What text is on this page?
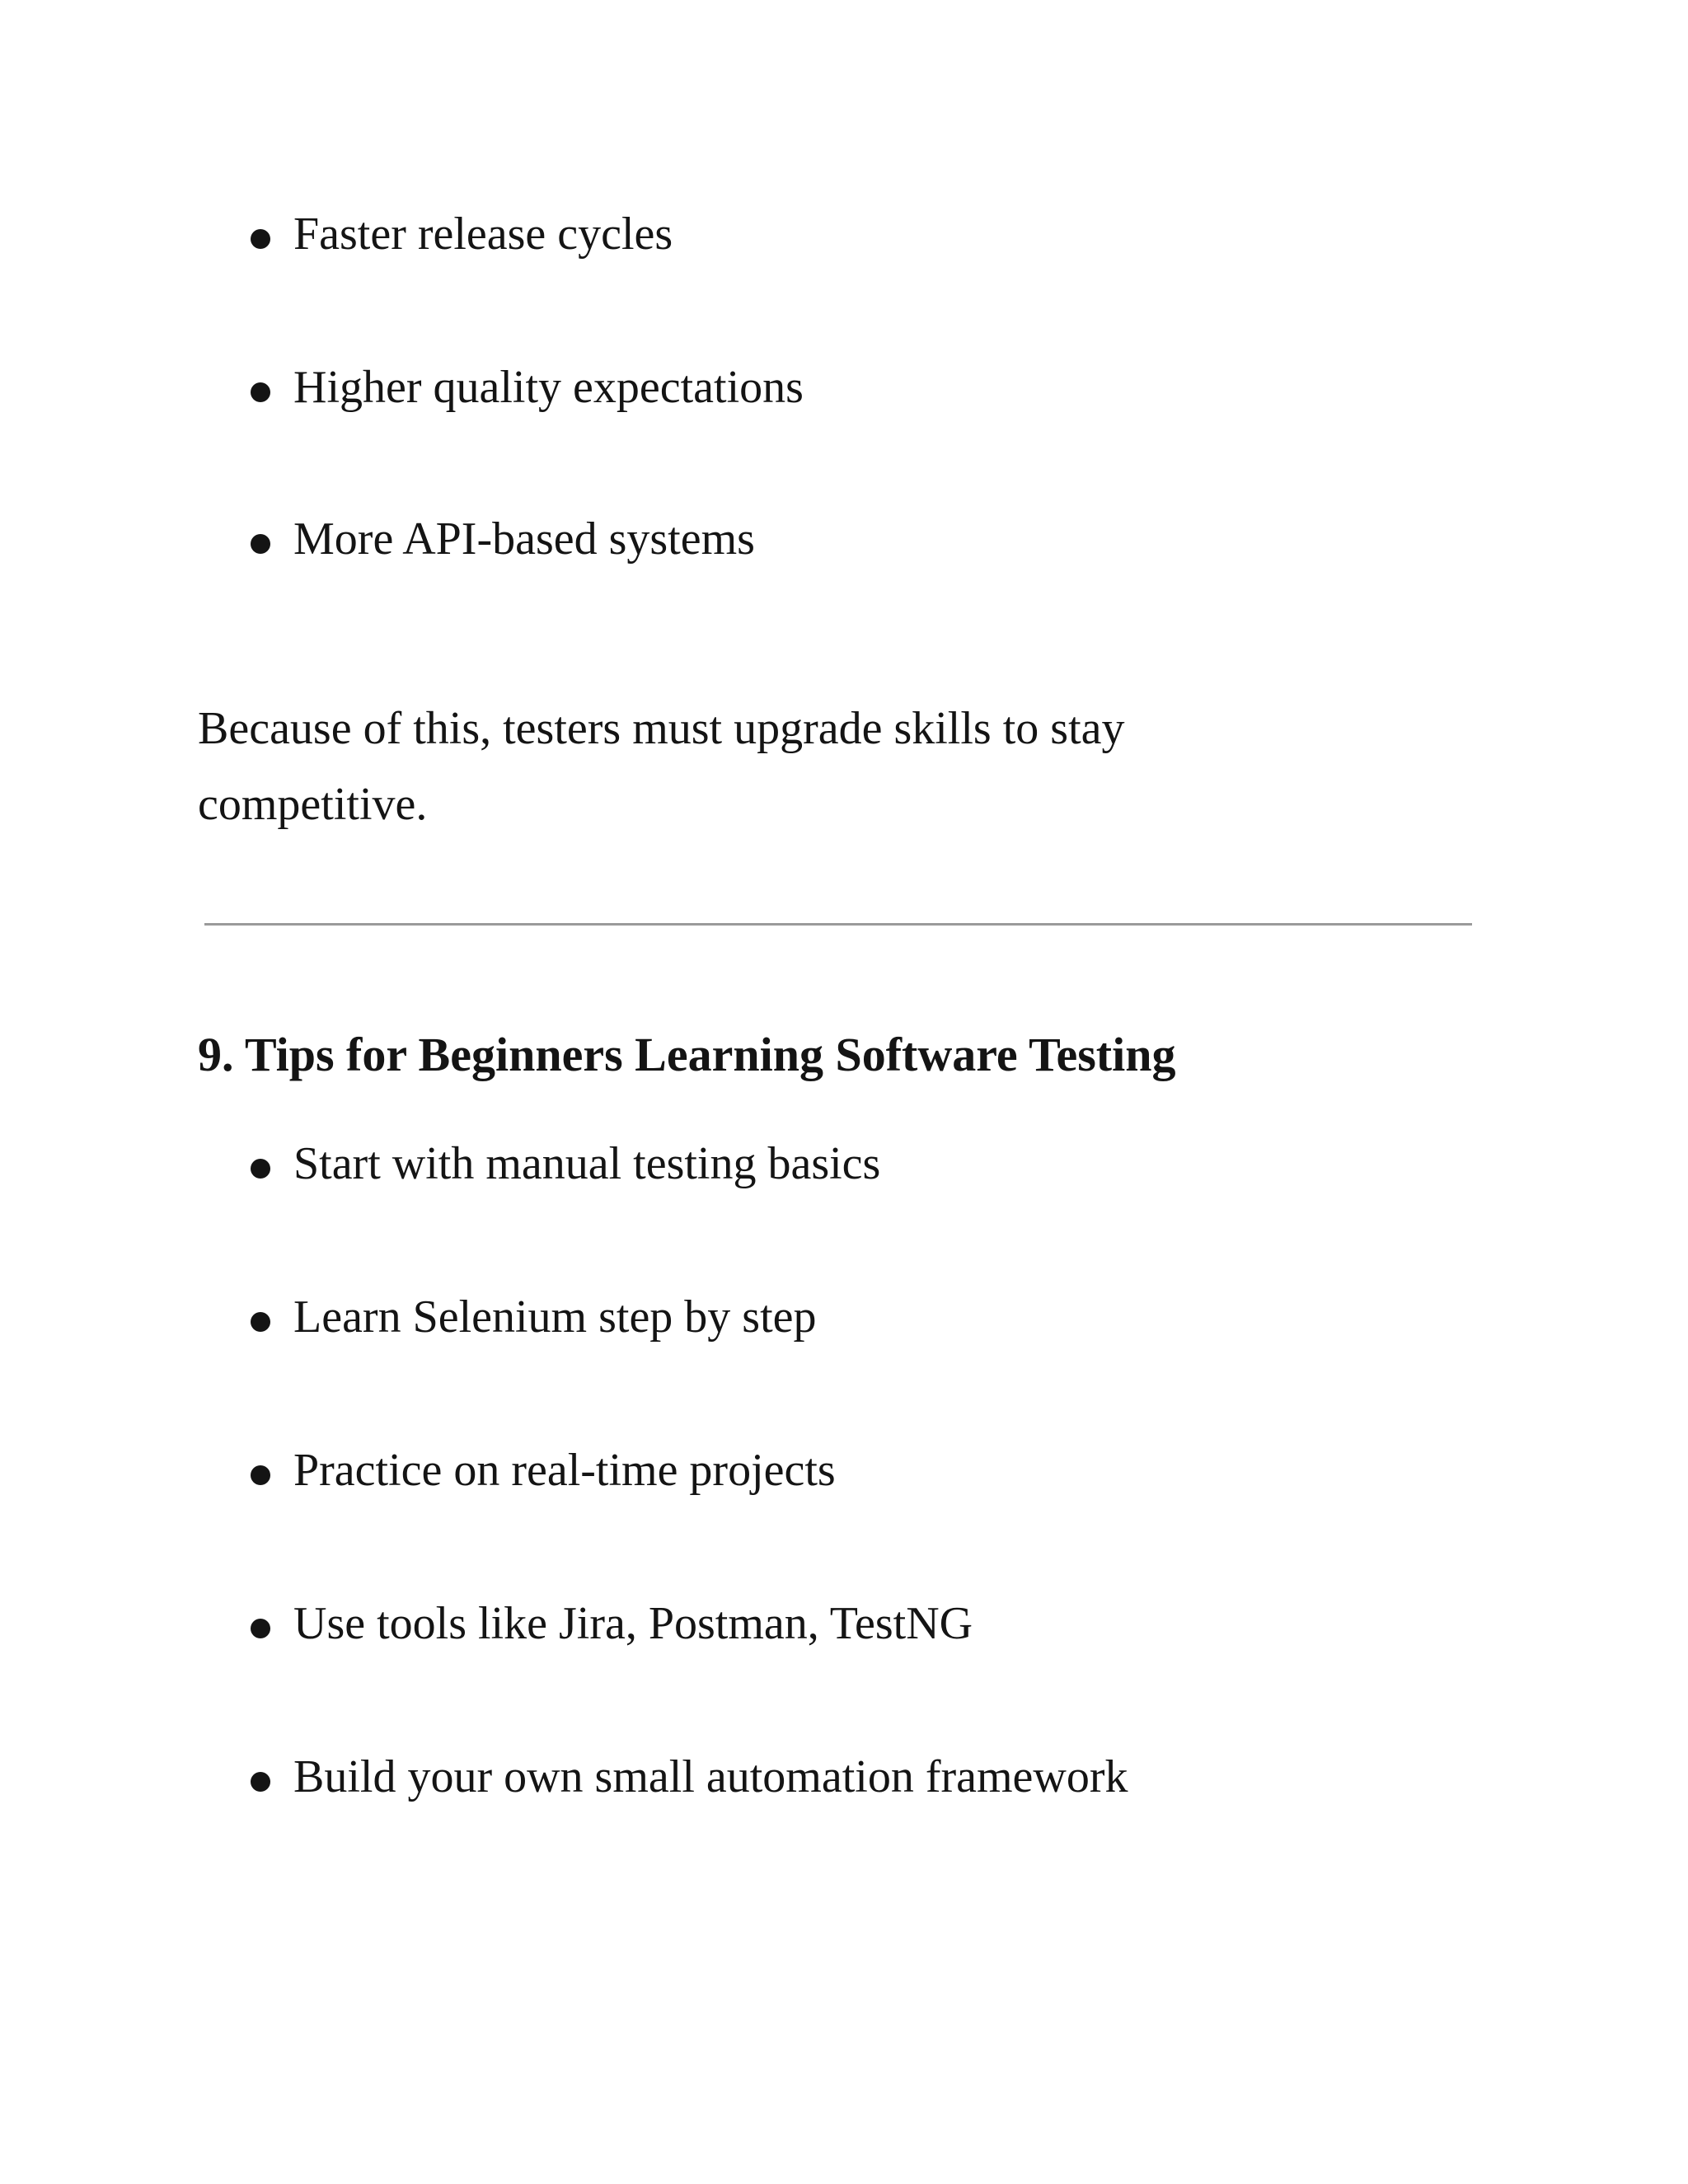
Faster release cycles
Higher quality expectations
More API-based systems

Because of this, testers must upgrade skills to stay
competitive.

9. Tips for Beginners Learning Software Testing
Start with manual testing basics
Learn Selenium step by step
Practice on real-time projects
Use tools like Jira, Postman, TestNG
Build your own small automation framework
